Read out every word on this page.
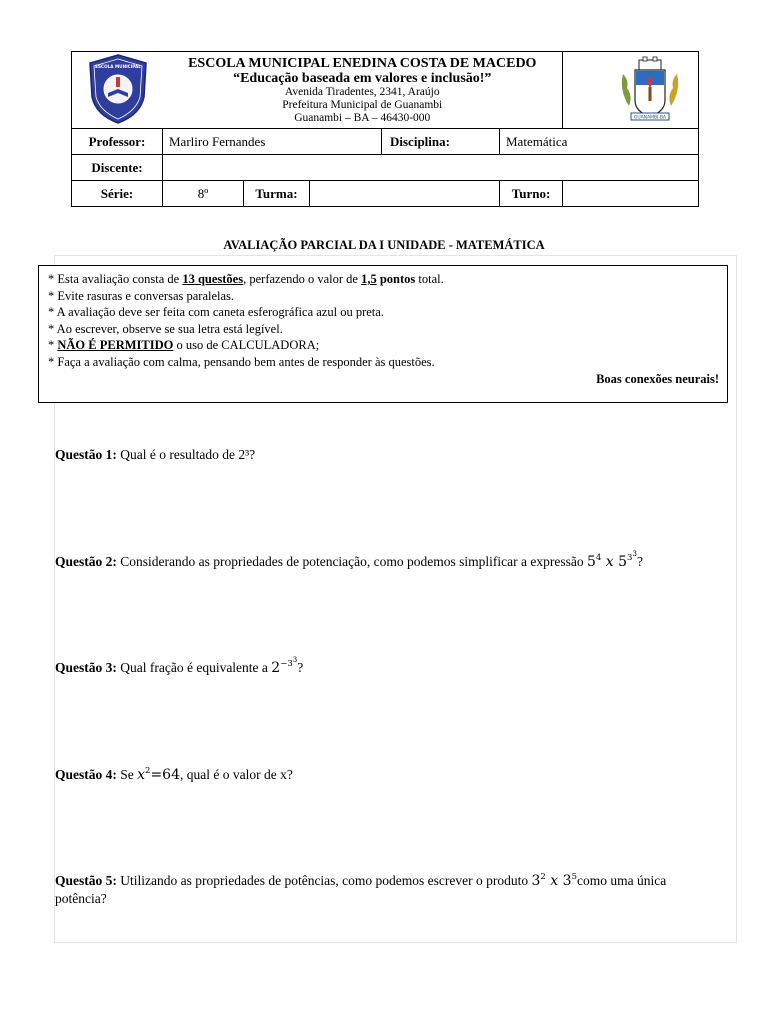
ESCOLA MUNICIPAL
GUANAMBI-BA

	ESCOLA MUNICIPAL ENEDINA COSTA DE MACEDO
“Educação baseada em valores e inclusão!”
Avenida Tiradentes, 2341, Araújo
Prefeitura Municipal de Guanambi
Guanambi – BA – 46430-000					

Professor:	Marliro Fernandes			Disciplina:	Matemática	
Discente:						
Série:	8º	Turma:			Turno:	
AVALIAÇÃO PARCIAL DA I UNIDADE - MATEMÁTICA
* Esta avaliação consta de 13 questões, perfazendo o valor de 1,5 pontos total.
* Evite rasuras e conversas paralelas.
* A avaliação deve ser feita com caneta esferográfica azul ou preta.
* Ao escrever, observe se sua letra está legível.
* NÃO É PERMITIDO o uso de CALCULADORA;
* Faça a avaliação com calma, pensando bem antes de responder às questões.
Boas conexões neurais!
Questão 1: Qual é o resultado de 2³?
Questão 2: Considerando as propriedades de potenciação, como podemos simplificar a expressão $5^4$ x $5^{3^3}$?
Questão 3: Qual fração é equivalente a $2^{-3^3}$?
Questão 4: Se $x^2=64$, qual é o valor de x?
Questão 5: Utilizando as propriedades de potências, como podemos escrever o produto $3^2$ x $3^5como$ uma única potência?
